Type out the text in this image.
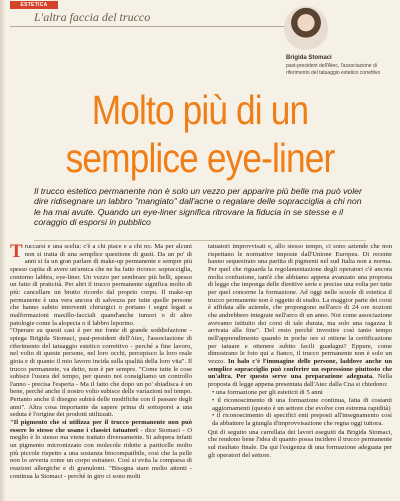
ESTETICA
L'altra faccia del trucco
Brigida Stomaci
past-president dell'Atec, l'associazione di riferimento del tatuaggio estetico correttivo
Molto più di un
semplice eye-liner

Il trucco estetico permanente non è solo un vezzo per apparire più belle ma può voler dire ridisegnare un labbro "mangiato" dall'acne o regalare delle sopracciglia a chi non le ha mai avute. Quando un eye-liner significa ritrovare la fiducia in se stesse e il coraggio di esporsi in pubblico

Truccarsi e una scelta: c'è a chi piace e a chi no. Ma per alcuni non si tratta di una semplice questione di gusti. Da un po' di anni si fa un gran parlare di make-up permanente e sempre più spesso capita di avere un'amica che ne ha fatto ricorso: sopracciglia, contorno labbra, eye-liner. Un vezzo per sembrare più belli, spesso un fatto di praticità. Per altri il trucco permanente significa molto di più: cancellare un brutto ricordo dal proprio corpo. Il make-up permanente è una vera ancora di salvezza per tutte quelle persone che hanno subito interventi chirurgici o portano i segni legati a malformazioni maxillo-facciali quand'anche tumori o di altre patologie come la alopecia o il labbro leporino.

"Operare su questi casi è per me fonte di grande soddisfazione - spiega Brigida Stomaci, past-president dell'Atec, l'associazione di riferimento del tatuaggio estetico correttivo - perché a fine lavoro, nel volto di queste persone, nel loro occhi, percepisco la loro reale gioia e di quanto il mio lavoro incida sulla qualità della loro vita". Il trucco permanente, va detto, non è per sempre. "Come tutte le cose subisce l'usura del tempo, per questo noi consigliamo un controllo l'anno - precisa l'esperta - Ma il fatto che dopo un po' sbiadisca è un bene, perché anche il nostro volto subisce delle variazioni nel tempo. Pertanto anche il disegno subirà delle modifiche con il passare degli anni". Altra cosa importante da sapere prima di sottoporsi a una seduta è l'origine dei prodotti utilizzati.

"Il pigmento che si utilizza per il trucco permanente non può essere lo stesso che usano i classici tatuatori - dice Stomaci - O meglio è lo stesso ma viene trattato diversamente. Si adopera infatti un pigmento micronizzato con molecole ridotte a particelle molto più piccole rispetto a una sostanza biocompatibile, così che la pelle non lo avverta come un corpo estraneo. Così si evita la comparsa di reazioni allergiche e di granulomi. "Bisogna stare molto attenti - continua la Stomaci - perché in giro ci sono molti

tatuatori improvvisati e, allo stesso tempo, ci sono aziende che non rispettano le normative imposte dall'Unione Europea. Di recente hanno sequestrato una partita di pigmenti nel sud Italia non a norma. Per quel che riguarda la regolamentazione degli operatori c'è ancora molta confusione, tant'è che abbiamo appena avanzato una proposta di legge che imponga delle direttive serie e precise una volta per tutte per quel concerne la formazione. Ad oggi nelle scuole di estetica il trucco permanente non è oggetto di studio. La maggior parte dei corsi è affidata alle aziende, che propongono nell'arco di 24 ore nozioni che andrebbero integrate nell'arco di un anno. Noi come associazione avevamo istituito dei corsi di tale durata, ma solo una ragazza li arrivata alla fine". Del resto perché investire così tanto tempo nell'apprendimento quando in poche ore si ottiene la certificazione per tatuare e ottenere subito facili guadagni? Eppure, come dimostrano le foto qui a fianco, il trucco permanente non è solo un vezzo. In halo c'è l'immagine delle persone, laddove anche un semplice sopracciglio può conferire un espressione piuttosto che un'altra. Per questo serve una preparazione adeguata. Nella proposta di legge appena presentata dall'Atec dalla Cna si chiedono:

• una formazione per gli esteticti di 5 anni
• il riconoscimento di una formazione continua, fatta di costanti aggiornamenti (questo è un settore che evolve con estrema rapidità)
• il riconoscimento di specifici enti preposti all'insegnamento così da abbattere la giungla d'improvvisazione che regna oggi tuttora.

Qui di seguito una carrellata dei lavori eseguiti da Brigida Stomaci, che rendono bene l'idea di quanto possa incidere il trucco permanente sul risultato finale. Da qui l'esigenza di una formazione adeguata per gli operatori del settore.
